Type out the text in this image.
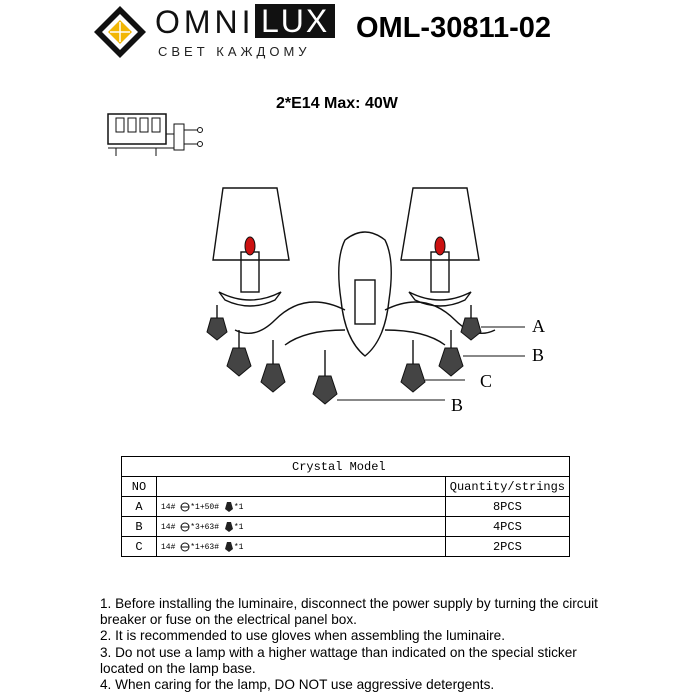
OMNI LUX
СВЕТ КАЖДОМУ
OML-30811-02
2*E14 Max: 40W
A
B
C
B
Crystal Model		
NO		Quantity/strings
A	14# *1+50# *1	8PCS
B	14# *3+63# *1	4PCS
C	14# *1+63# *1	2PCS

1. Before installing the luminaire, disconnect the power supply by turning the circuit breaker or fuse on the electrical panel box.

2. It is recommended to use gloves when assembling the luminaire.

3. Do not use a lamp with a higher wattage than indicated on the special sticker located on the lamp base.

4. When caring for the lamp, DO NOT use aggressive detergents.
